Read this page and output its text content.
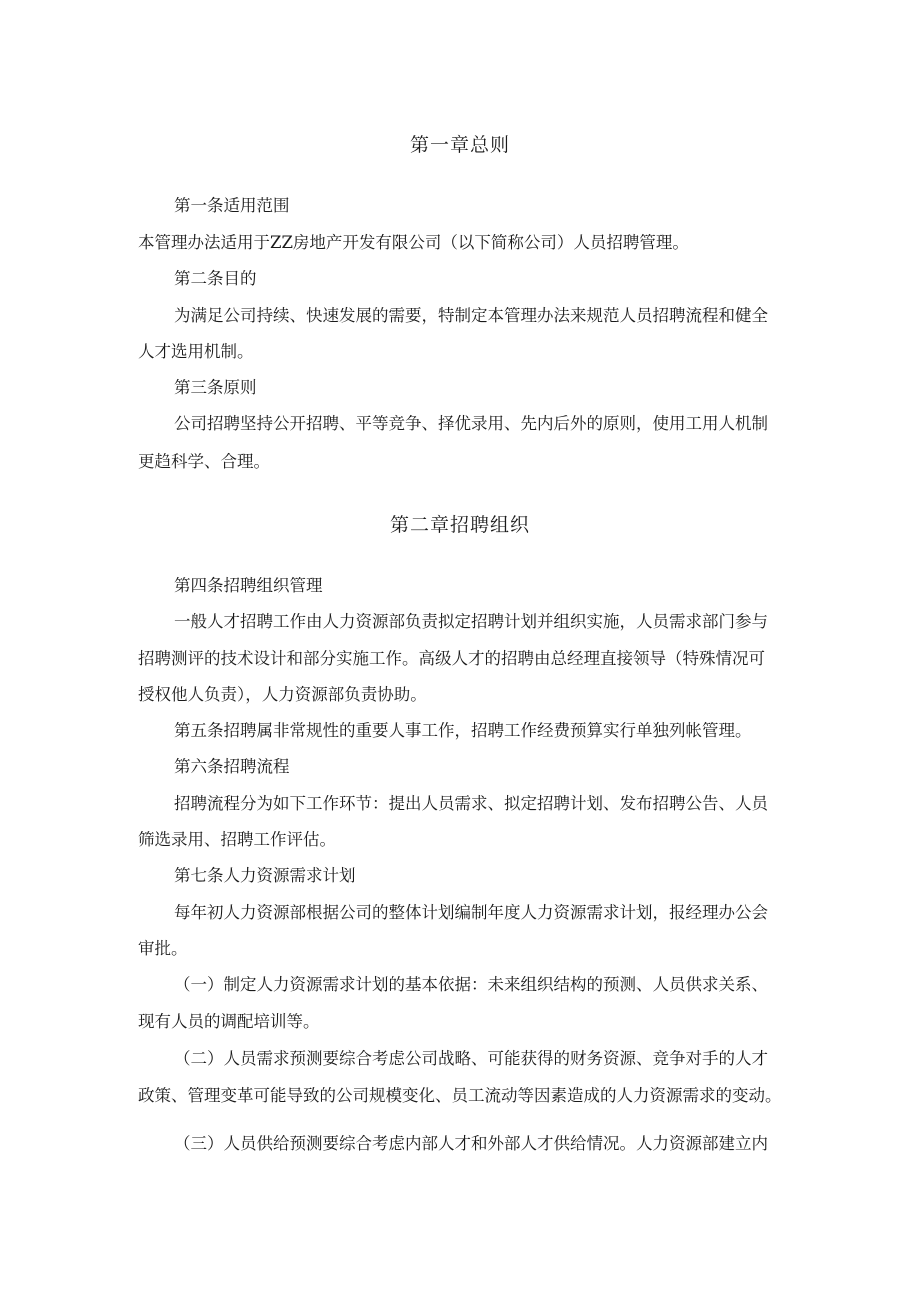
第一章总则
第一条适用范围
本管理办法适用于ZZ房地产开发有限公司（以下简称公司）人员招聘管理。
第二条目的
为满足公司持续、快速发展的需要，特制定本管理办法来规范人员招聘流程和健全
人才选用机制。
第三条原则
公司招聘坚持公开招聘、平等竞争、择优录用、先内后外的原则，使用工用人机制
更趋科学、合理。
第二章招聘组织
第四条招聘组织管理
一般人才招聘工作由人力资源部负责拟定招聘计划并组织实施，人员需求部门参与
招聘测评的技术设计和部分实施工作。高级人才的招聘由总经理直接领导（特殊情况可
授权他人负责），人力资源部负责协助。
第五条招聘属非常规性的重要人事工作，招聘工作经费预算实行单独列帐管理。
第六条招聘流程
招聘流程分为如下工作环节：提出人员需求、拟定招聘计划、发布招聘公告、人员
筛选录用、招聘工作评估。
第七条人力资源需求计划
每年初人力资源部根据公司的整体计划编制年度人力资源需求计划，报经理办公会
审批。
（一）制定人力资源需求计划的基本依据：未来组织结构的预测、人员供求关系、
现有人员的调配培训等。
（二）人员需求预测要综合考虑公司战略、可能获得的财务资源、竞争对手的人才
政策、管理变革可能导致的公司规模变化、员工流动等因素造成的人力资源需求的变动。
（三）人员供给预测要综合考虑内部人才和外部人才供给情况。人力资源部建立内
